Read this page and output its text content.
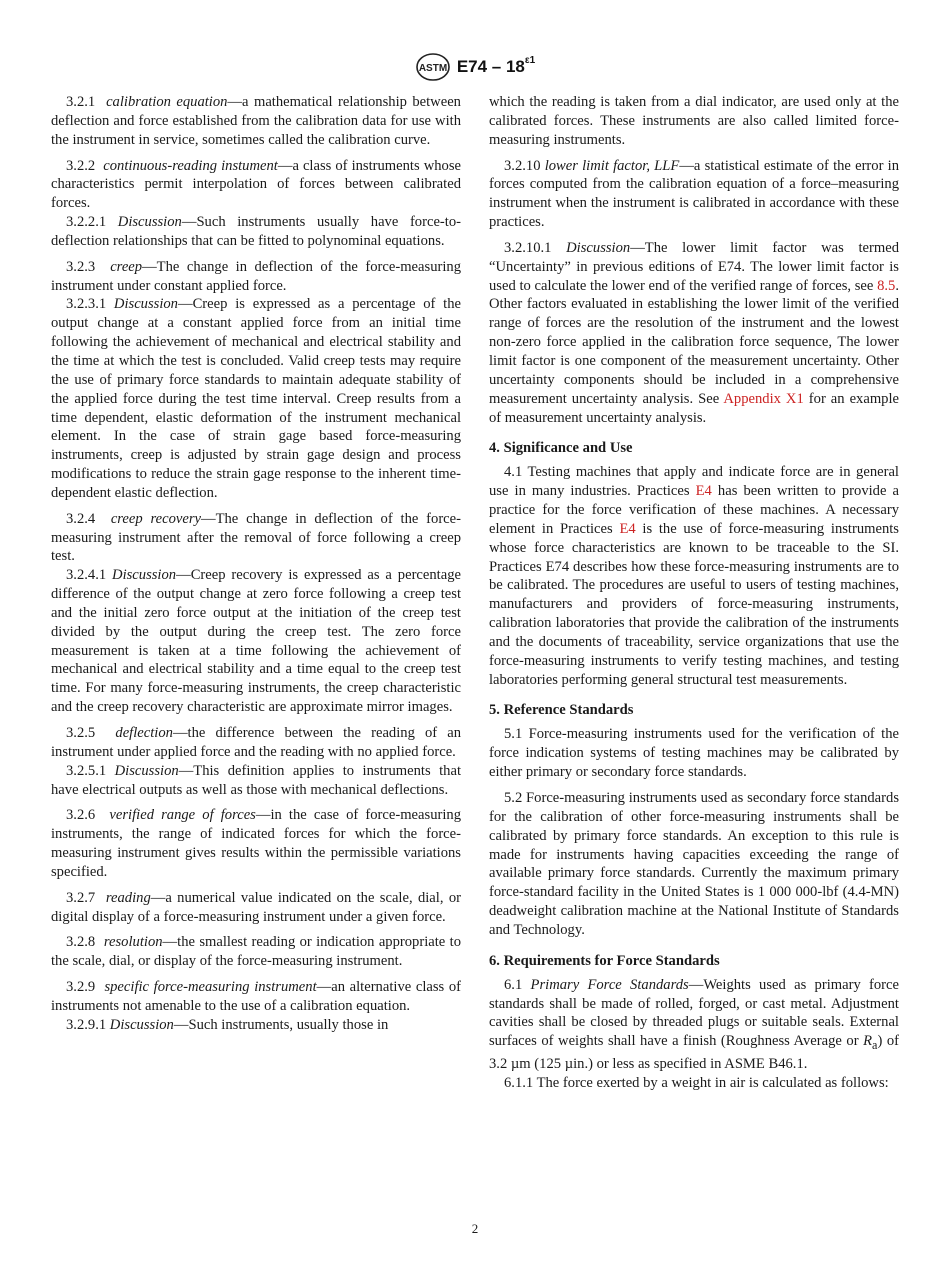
ASTM $E74 - 18^{\varepsilon 1}$

3.2.1 calibration equation—a mathematical relationship between deflection and force established from the calibration data for use with the instrument in service, sometimes called the calibration curve.

3.2.2 continuous-reading instument—a class of instruments whose characteristics permit interpolation of forces between calibrated forces.

3.2.2.1 Discussion—Such instruments usually have force-to-deflection relationships that can be fitted to polynominal equations.

3.2.3 creep—The change in deflection of the force-measuring instrument under constant applied force.

3.2.3.1 Discussion—Creep is expressed as a percentage of the output change at a constant applied force from an initial time following the achievement of mechanical and electrical stability and the time at which the test is concluded. Valid creep tests may require the use of primary force standards to maintain adequate stability of the applied force during the test time interval. Creep results from a time dependent, elastic deformation of the instrument mechanical element. In the case of strain gage based force-measuring instruments, creep is adjusted by strain gage design and process modifications to reduce the strain gage response to the inherent time-dependent elastic deflection.

3.2.4 creep recovery—The change in deflection of the force-measuring instrument after the removal of force following a creep test.

3.2.4.1 Discussion—Creep recovery is expressed as a percentage difference of the output change at zero force following a creep test and the initial zero force output at the initiation of the creep test divided by the output during the creep test. The zero force measurement is taken at a time following the achievement of mechanical and electrical stability and a time equal to the creep test time. For many force-measuring instruments, the creep characteristic and the creep recovery characteristic are approximate mirror images.

3.2.5 deflection—the difference between the reading of an instrument under applied force and the reading with no applied force.

3.2.5.1 Discussion—This definition applies to instruments that have electrical outputs as well as those with mechanical deflections.

3.2.6 verified range of forces—in the case of force-measuring instruments, the range of indicated forces for which the force-measuring instrument gives results within the permissible variations specified.

3.2.7 reading—a numerical value indicated on the scale, dial, or digital display of a force-measuring instrument under a given force.

3.2.8 resolution—the smallest reading or indication appropriate to the scale, dial, or display of the force-measuring instrument.

3.2.9 specific force-measuring instrument—an alternative class of instruments not amenable to the use of a calibration equation.

3.2.9.1 Discussion—Such instruments, usually those in

which the reading is taken from a dial indicator, are used only at the calibrated forces. These instruments are also called limited force-measuring instruments.

3.2.10 lower limit factor, LLF—a statistical estimate of the error in forces computed from the calibration equation of a force–measuring instrument when the instrument is calibrated in accordance with these practices.

3.2.10.1 Discussion—The lower limit factor was termed “Uncertainty” in previous editions of E74. The lower limit factor is used to calculate the lower end of the verified range of forces, see 8.5. Other factors evaluated in establishing the lower limit of the verified range of forces are the resolution of the instrument and the lowest non-zero force applied in the calibration force sequence, The lower limit factor is one component of the measurement uncertainty. Other uncertainty components should be included in a comprehensive measurement uncertainty analysis. See Appendix X1 for an example of measurement uncertainty analysis.

4. Significance and Use

4.1 Testing machines that apply and indicate force are in general use in many industries. Practices E4 has been written to provide a practice for the force verification of these machines. A necessary element in Practices E4 is the use of force-measuring instruments whose force characteristics are known to be traceable to the SI. Practices E74 describes how these force-measuring instruments are to be calibrated. The procedures are useful to users of testing machines, manufacturers and providers of force-measuring instruments, calibration laboratories that provide the calibration of the instruments and the documents of traceability, service organizations that use the force-measuring instruments to verify testing machines, and testing laboratories performing general structural test measurements.

5. Reference Standards

5.1 Force-measuring instruments used for the verification of the force indication systems of testing machines may be calibrated by either primary or secondary force standards.

5.2 Force-measuring instruments used as secondary force standards for the calibration of other force-measuring instruments shall be calibrated by primary force standards. An exception to this rule is made for instruments having capacities exceeding the range of available primary force standards. Currently the maximum primary force-standard facility in the United States is 1 000 000-lbf (4.4-MN) deadweight calibration machine at the National Institute of Standards and Technology.

6. Requirements for Force Standards

6.1 Primary Force Standards—Weights used as primary force standards shall be made of rolled, forged, or cast metal. Adjustment cavities shall be closed by threaded plugs or suitable seals. External surfaces of weights shall have a finish (Roughness Average or $R_a$) of 3.2 µm (125 µin.) or less as specified in ASME B46.1.

6.1.1 The force exerted by a weight in air is calculated as follows:

2
